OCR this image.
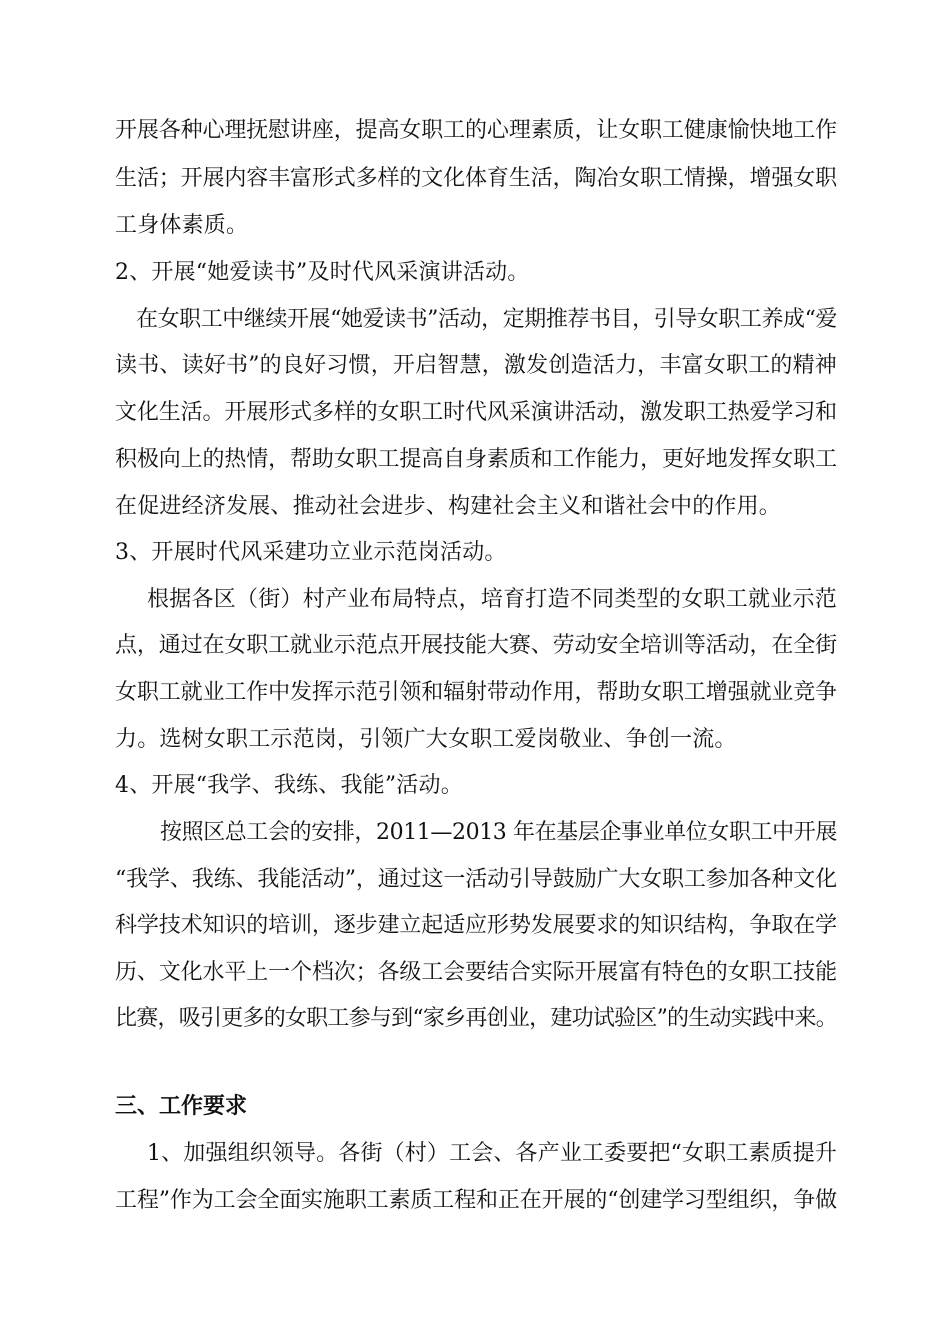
开展各种心理抚慰讲座，提高女职工的心理素质，让女职工健康愉快地工作
生活；开展内容丰富形式多样的文化体育生活，陶冶女职工情操，增强女职
工身体素质。
2、开展“她爱读书”及时代风采演讲活动。
在女职工中继续开展“她爱读书”活动，定期推荐书目，引导女职工养成“爱
读书、读好书”的良好习惯，开启智慧，激发创造活力，丰富女职工的精神
文化生活。开展形式多样的女职工时代风采演讲活动，激发职工热爱学习和
积极向上的热情，帮助女职工提高自身素质和工作能力，更好地发挥女职工
在促进经济发展、推动社会进步、构建社会主义和谐社会中的作用。
3、开展时代风采建功立业示范岗活动。
根据各区（街）村产业布局特点，培育打造不同类型的女职工就业示范
点，通过在女职工就业示范点开展技能大赛、劳动安全培训等活动，在全街
女职工就业工作中发挥示范引领和辐射带动作用，帮助女职工增强就业竞争
力。选树女职工示范岗，引领广大女职工爱岗敬业、争创一流。
4、开展“我学、我练、我能”活动。
按照区总工会的安排，2011—2013 年在基层企事业单位女职工中开展
“我学、我练、我能活动”，通过这一活动引导鼓励广大女职工参加各种文化
科学技术知识的培训，逐步建立起适应形势发展要求的知识结构，争取在学
历、文化水平上一个档次；各级工会要结合实际开展富有特色的女职工技能
比赛，吸引更多的女职工参与到“家乡再创业，建功试验区”的生动实践中来。
三、工作要求
1、加强组织领导。各街（村）工会、各产业工委要把“女职工素质提升
工程”作为工会全面实施职工素质工程和正在开展的“创建学习型组织，争做
